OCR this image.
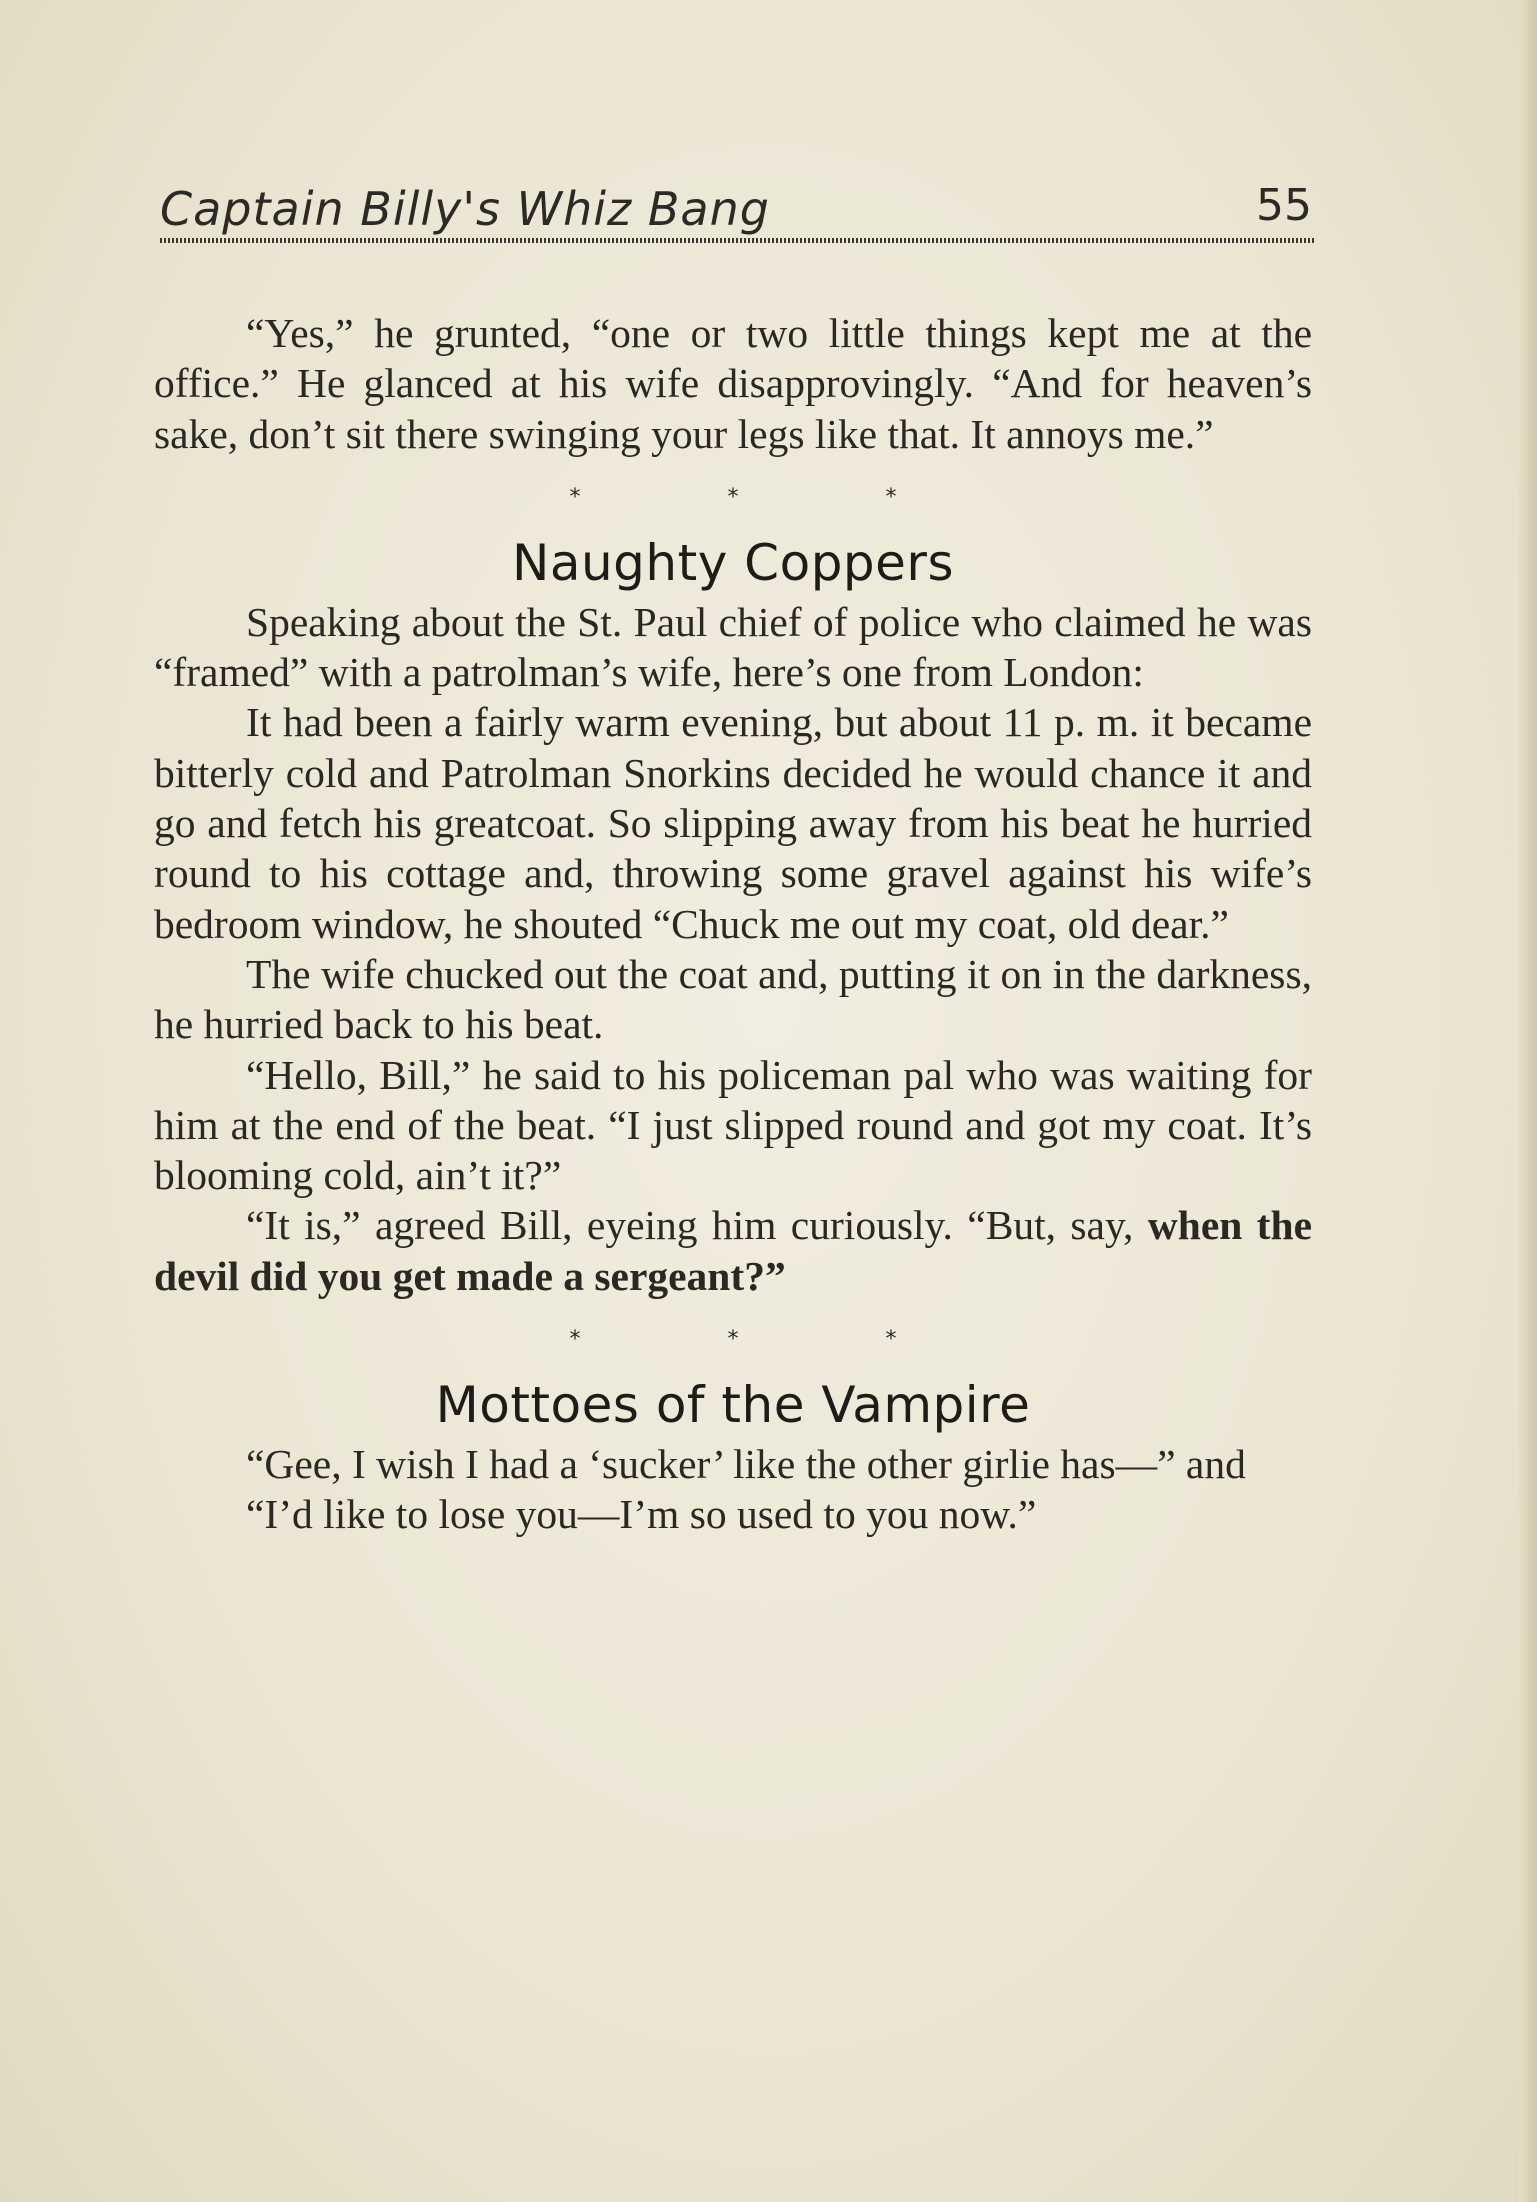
Captain Billy's Whiz Bang	55

“Yes,” he grunted, “one or two little things kept me at the office.” He glanced at his wife disapprovingly. “And for heaven’s sake, don’t sit there swinging your legs like that. It annoys me.”

* * *
Naughty Coppers

Speaking about the St. Paul chief of police who claimed he was “framed” with a patrolman’s wife, here’s one from London:

It had been a fairly warm evening, but about 11 p. m. it became bitterly cold and Patrolman Snorkins decided he would chance it and go and fetch his greatcoat. So slipping away from his beat he hurried round to his cottage and, throwing some gravel against his wife’s bedroom window, he shouted “Chuck me out my coat, old dear.”

The wife chucked out the coat and, putting it on in the darkness, he hurried back to his beat.

“Hello, Bill,” he said to his policeman pal who was waiting for him at the end of the beat. “I just slipped round and got my coat. It’s blooming cold, ain’t it?”

“It is,” agreed Bill, eyeing him curiously. “But, say, when the devil did you get made a sergeant?”

* * *
Mottoes of the Vampire

“Gee, I wish I had a ‘sucker’ like the other girlie has—” and

“I’d like to lose you—I’m so used to you now.”
